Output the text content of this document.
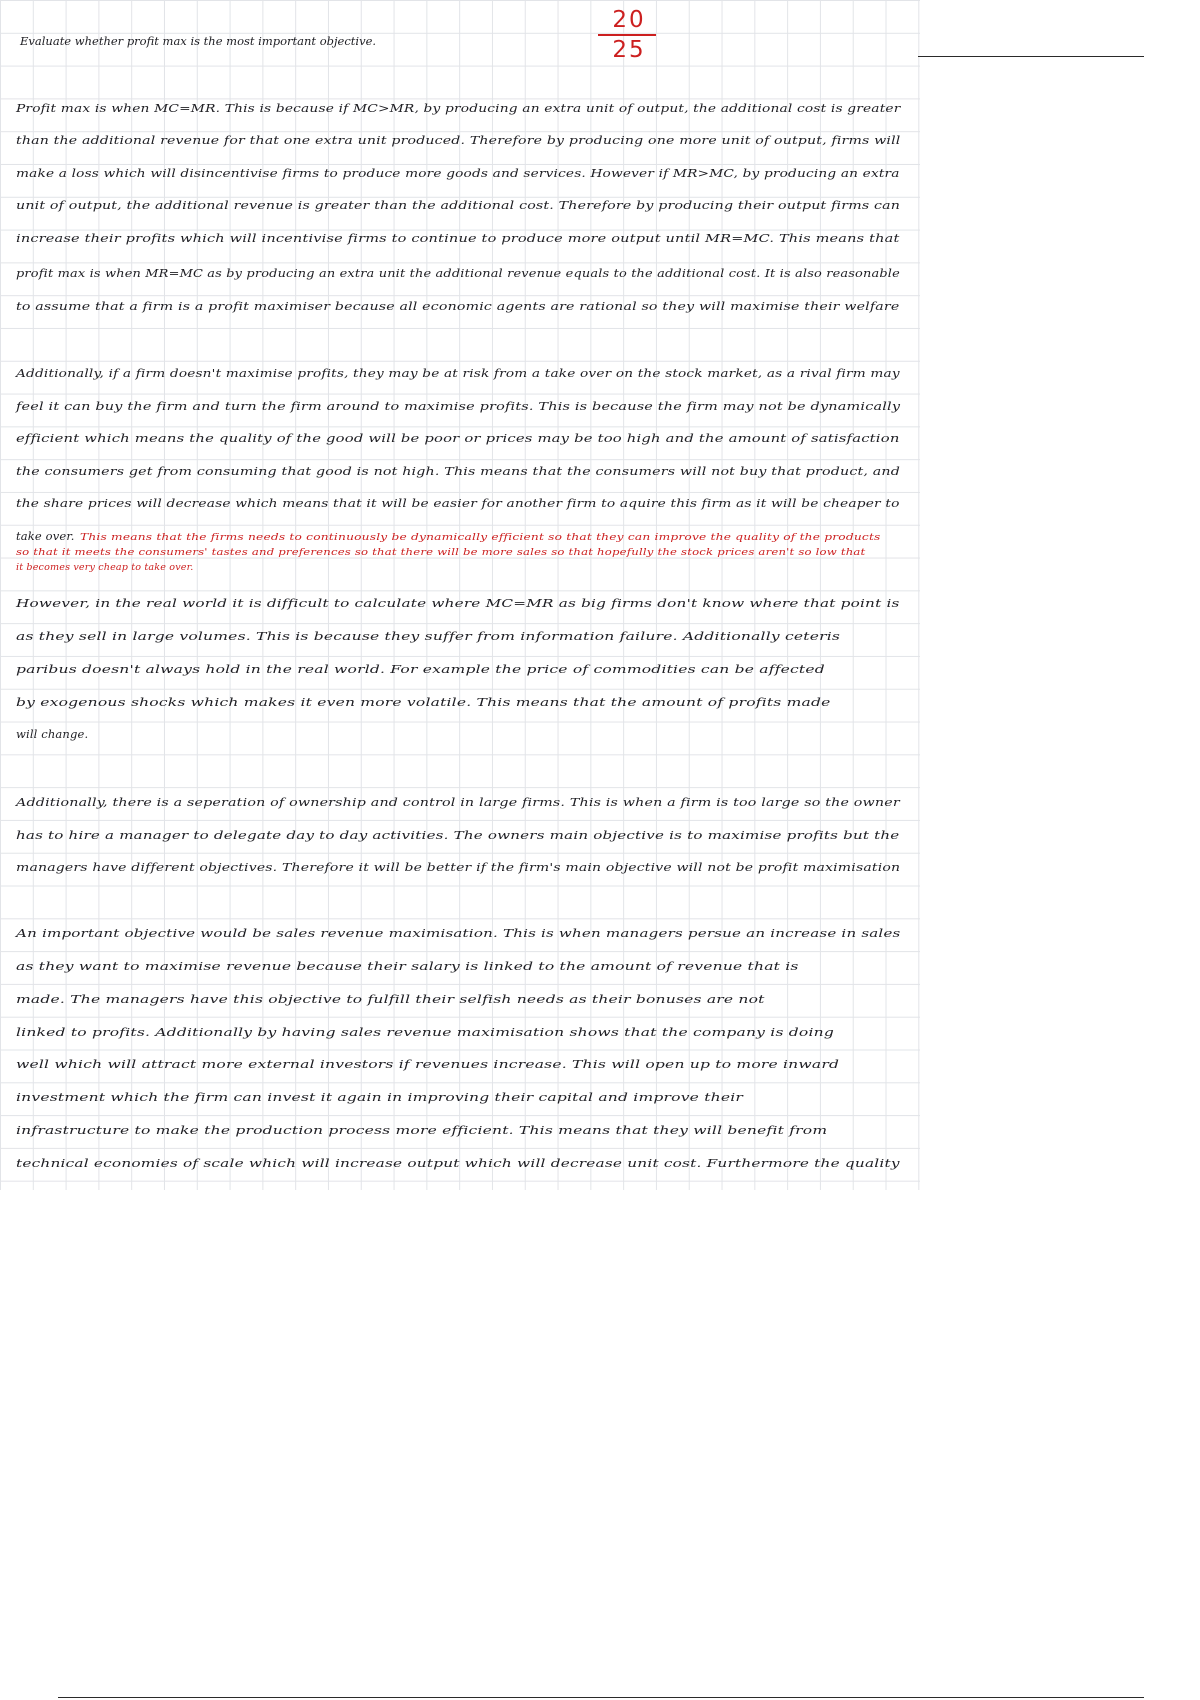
Evaluate whether profit max is the most important objective.
20
25
Profit max is when MC=MR. This is because if MC>MR, by producing an extra unit of output, the additional cost is greater
than the additional revenue for that one extra unit produced. Therefore by producing one more unit of output, firms will
make a loss which will disincentivise firms to produce more goods and services. However if MR>MC, by producing an extra
unit of output, the additional revenue is greater than the additional cost. Therefore by producing their output firms can
increase their profits which will incentivise firms to continue to produce more output until MR=MC. This means that
profit max is when MR=MC as by producing an extra unit the additional revenue equals to the additional cost. It is also reasonable
to assume that a firm is a profit maximiser because all economic agents are rational so they will maximise their welfare
Additionally, if a firm doesn't maximise profits, they may be at risk from a take over on the stock market, as a rival firm may
feel it can buy the firm and turn the firm around to maximise profits. This is because the firm may not be dynamically
efficient which means the quality of the good will be poor or prices may be too high and the amount of satisfaction
the consumers get from consuming that good is not high. This means that the consumers will not buy that product, and
the share prices will decrease which means that it will be easier for another firm to aquire this firm as it will be cheaper to
take over. This means that the firms needs to continuously be dynamically efficient so that they can improve the quality of the products
so that it meets the consumers' tastes and preferences so that there will be more sales so that hopefully the stock prices aren't so low that
it becomes very cheap to take over.
However, in the real world it is difficult to calculate where MC=MR as big firms don't know where that point is
as they sell in large volumes. This is because they suffer from information failure. Additionally ceteris
paribus doesn't always hold in the real world. For example the price of commodities can be affected
by exogenous shocks which makes it even more volatile. This means that the amount of profits made
will change.
Additionally, there is a seperation of ownership and control in large firms. This is when a firm is too large so the owner
has to hire a manager to delegate day to day activities. The owners main objective is to maximise profits but the
managers have different objectives. Therefore it will be better if the firm's main objective will not be profit maximisation
An important objective would be sales revenue maximisation. This is when managers persue an increase in sales
as they want to maximise revenue because their salary is linked to the amount of revenue that is
made. The managers have this objective to fulfill their selfish needs as their bonuses are not
linked to profits. Additionally by having sales revenue maximisation shows that the company is doing
well which will attract more external investors if revenues increase. This will open up to more inward
investment which the firm can invest it again in improving their capital and improve their
infrastructure to make the production process more efficient. This means that they will benefit from
technical economies of scale which will increase output which will decrease unit cost. Furthermore the quality
